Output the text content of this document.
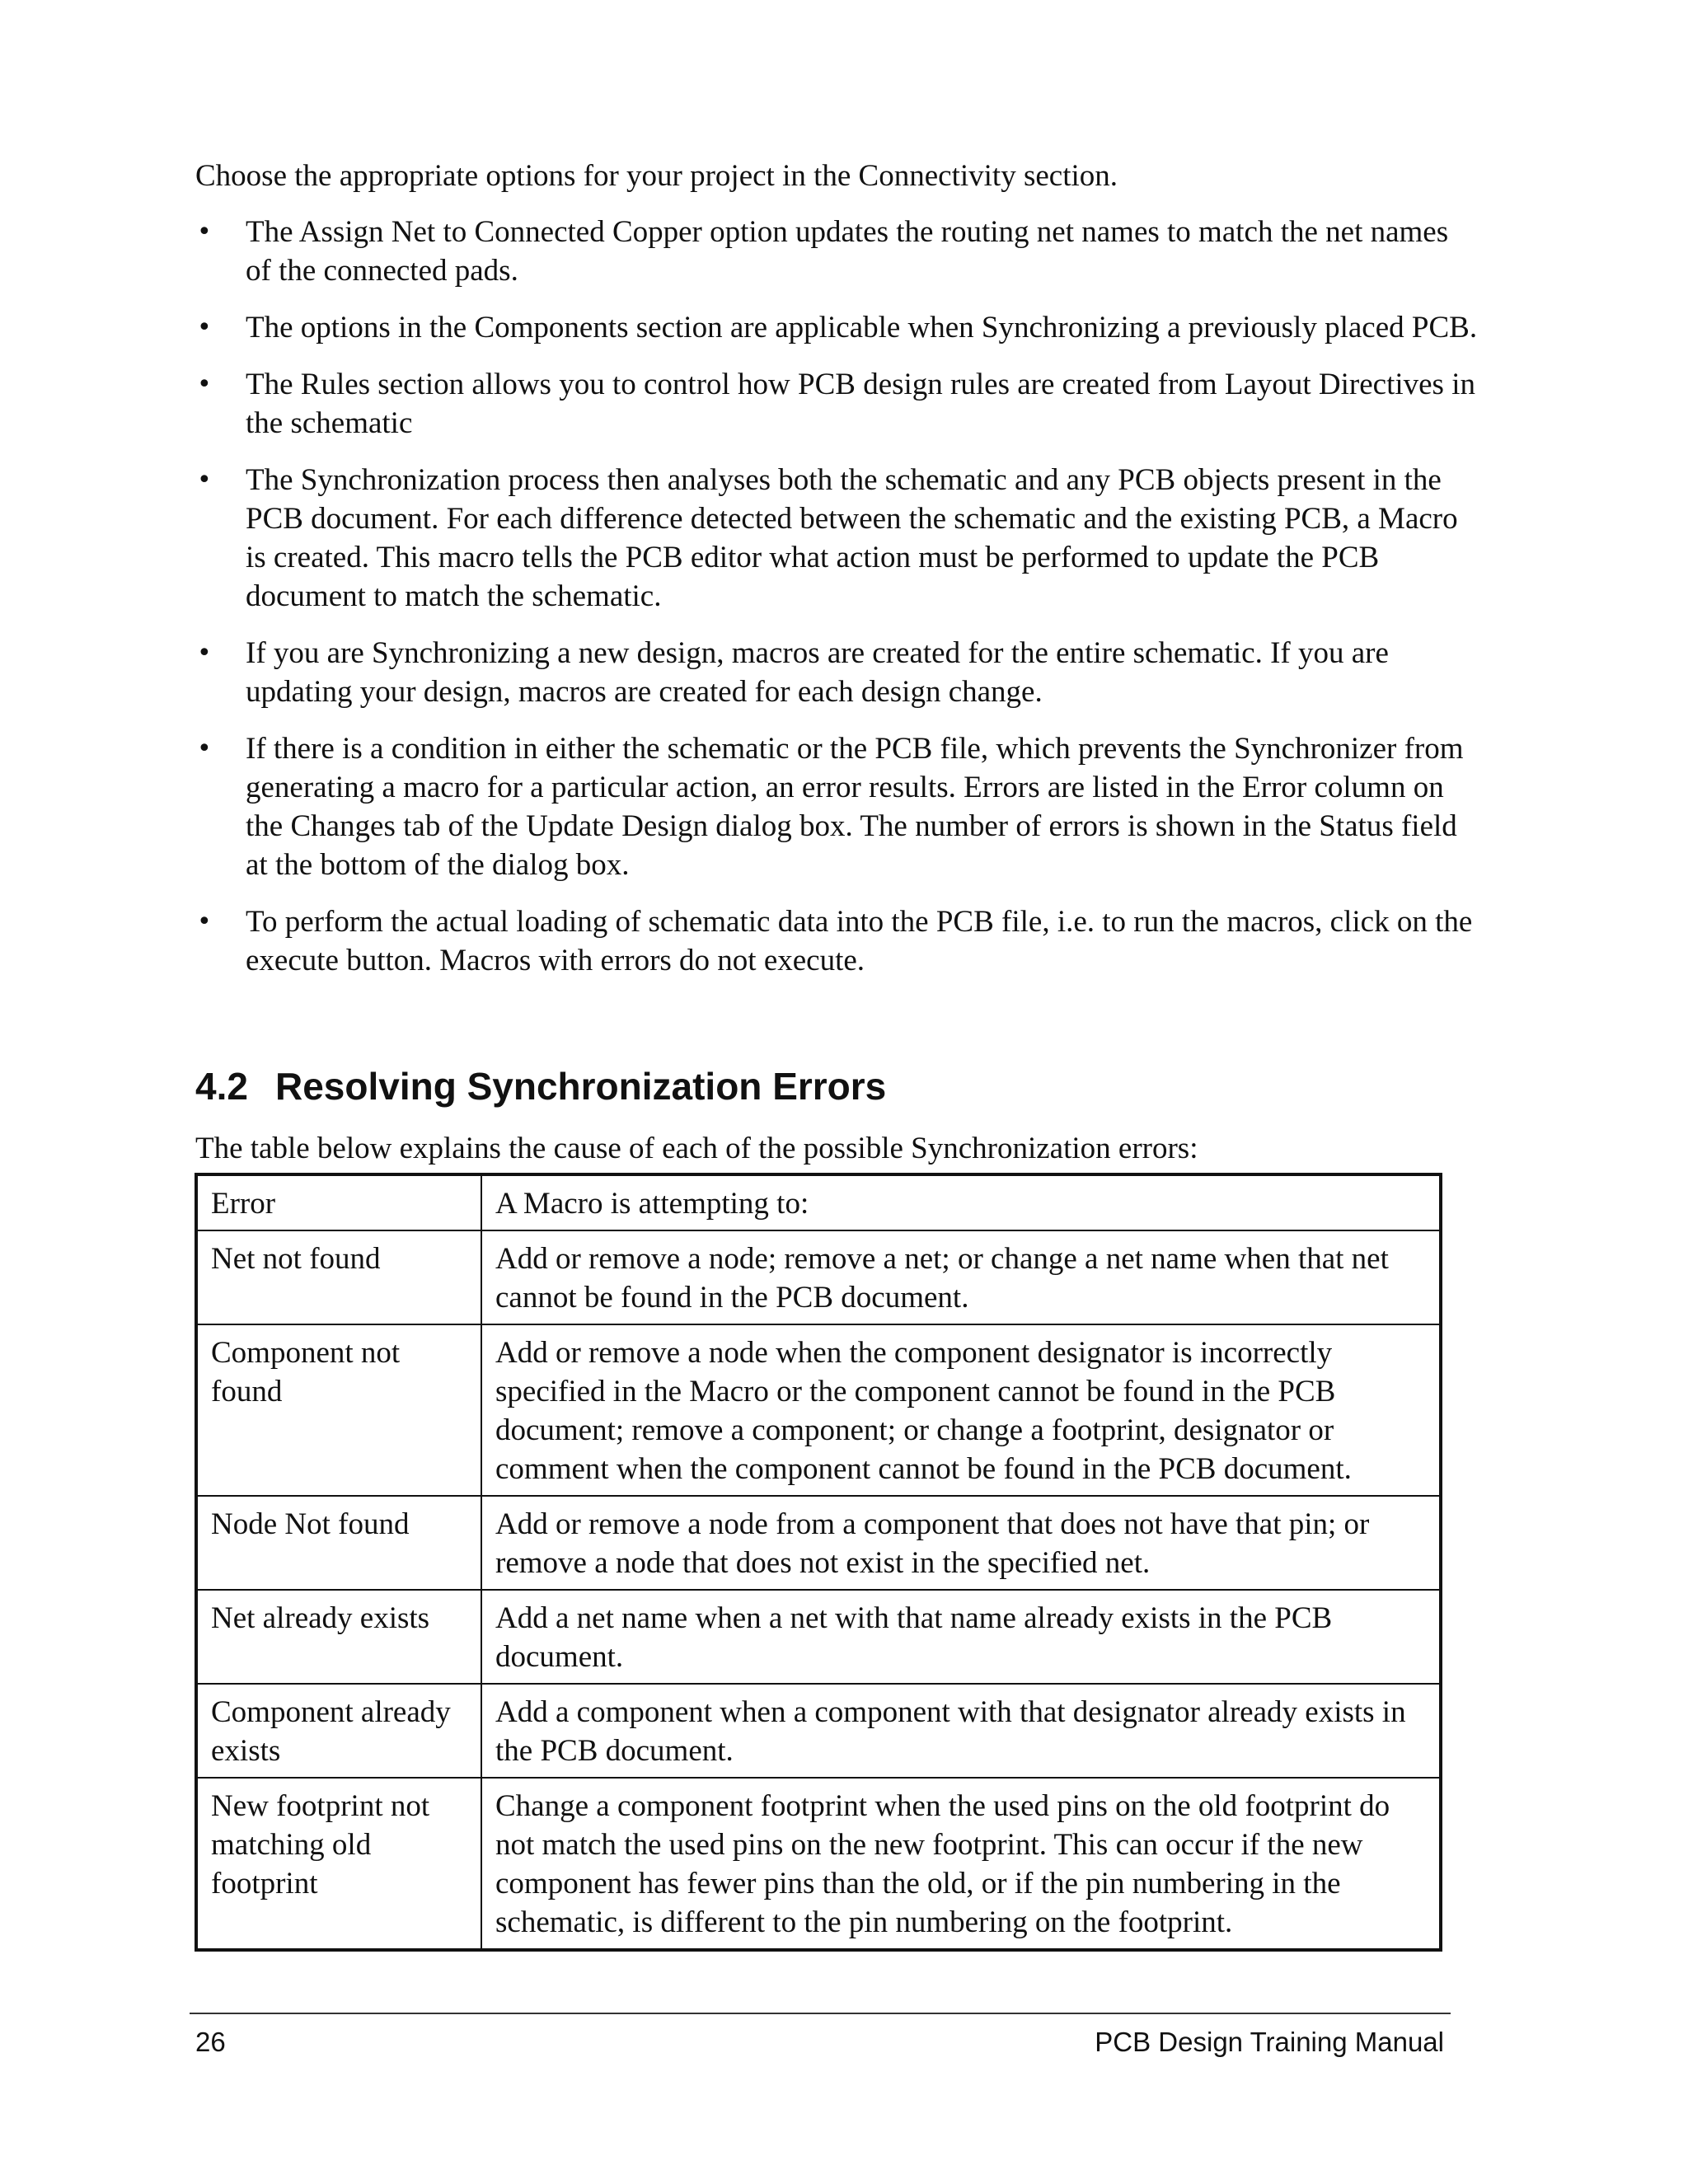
Choose the appropriate options for your project in the Connectivity section.

• The Assign Net to Connected Copper option updates the routing net names to match the net names of the connected pads.
• The options in the Components section are applicable when Synchronizing a previously placed PCB.
• The Rules section allows you to control how PCB design rules are created from Layout Directives in the schematic
• The Synchronization process then analyses both the schematic and any PCB objects present in the PCB document. For each difference detected between the schematic and the existing PCB, a Macro is created. This macro tells the PCB editor what action must be performed to update the PCB document to match the schematic.
• If you are Synchronizing a new design, macros are created for the entire schematic. If you are updating your design, macros are created for each design change.
• If there is a condition in either the schematic or the PCB file, which prevents the Synchronizer from generating a macro for a particular action, an error results. Errors are listed in the Error column on the Changes tab of the Update Design dialog box. The number of errors is shown in the Status field at the bottom of the dialog box.
• To perform the actual loading of schematic data into the PCB file, i.e. to run the macros, click on the execute button. Macros with errors do not execute.
4.2 Resolving Synchronization Errors

The table below explains the cause of each of the possible Synchronization errors:

Error	A Macro is attempting to:
Net not found	Add or remove a node; remove a net; or change a net name when that net cannot be found in the PCB document.
Component not found	Add or remove a node when the component designator is incorrectly specified in the Macro or the component cannot be found in the PCB document; remove a component; or change a footprint, designator or comment when the component cannot be found in the PCB document.
Node Not found	Add or remove a node from a component that does not have that pin; or remove a node that does not exist in the specified net.
Net already exists	Add a net name when a net with that name already exists in the PCB document.
Component already exists	Add a component when a component with that designator already exists in the PCB document.
New footprint not matching old footprint	Change a component footprint when the used pins on the old footprint do not match the used pins on the new footprint. This can occur if the new component has fewer pins than the old, or if the pin numbering in the schematic, is different to the pin numbering on the footprint.
26	PCB Design Training Manual
